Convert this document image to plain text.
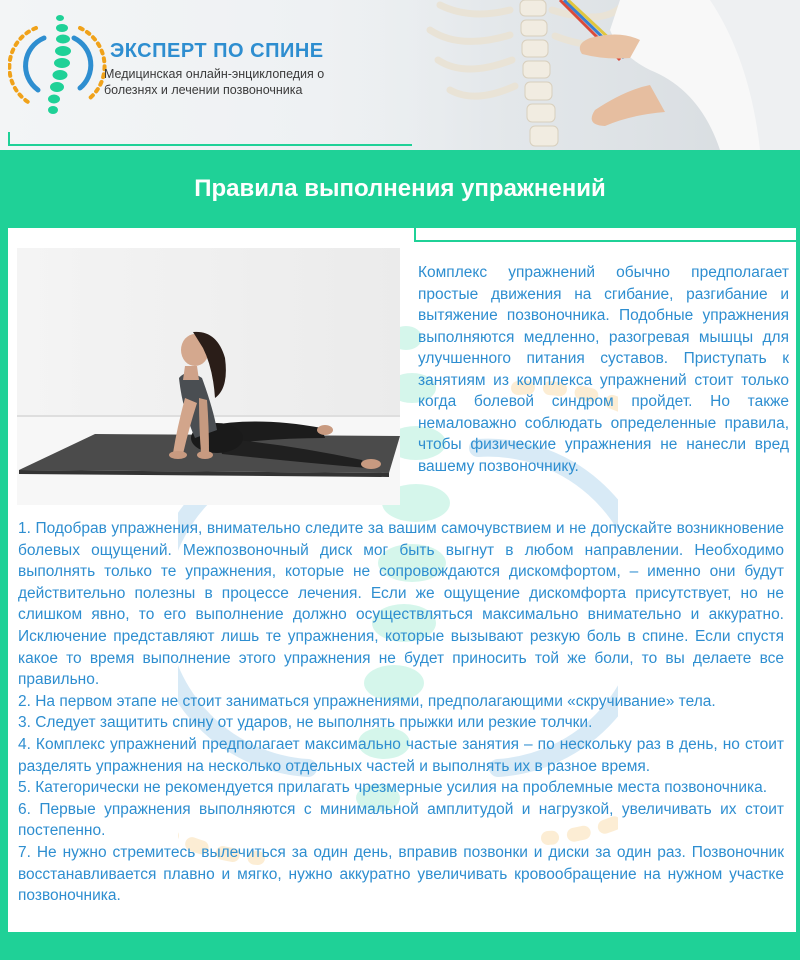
ЭКСПЕРТ ПО СПИНЕ
Медицинская онлайн-энциклопедия о болезнях и лечении позвоночника
Правила выполнения упражнений

Комплекс упражнений обычно предполагает простые движения на сгибание, разгибание и вытяжение позвоночника. Подобные упражнения выполняются медленно, разогревая мышцы для улучшенного питания суставов. Приступать к занятиям из комплекса упражнений стоит только когда болевой синдром пройдет. Но также немаловажно соблюдать определенные правила, чтобы физические упражнения не нанесли вред вашему позвоночнику.

1. Подобрав упражнения, внимательно следите за вашим самочувствием и не допускайте возникновение болевых ощущений. Межпозвоночный диск мог быть выгнут в любом направлении. Необходимо выполнять только те упражнения, которые не сопровождаются дискомфортом, – именно они будут действительно полезны в процессе лечения. Если же ощущение дискомфорта присутствует, но не слишком явно, то его выполнение должно осуществляться максимально внимательно и аккуратно. Исключение представляют лишь те упражнения, которые вызывают резкую боль в спине. Если спустя какое то время выполнение этого упражнения не будет приносить той же боли, то вы делаете все правильно.
2. На первом этапе не стоит заниматься упражнениями, предполагающими «скручивание» тела.
3. Следует защитить спину от ударов, не выполнять прыжки или резкие толчки.
4. Комплекс упражнений предполагает максимально частые занятия – по нескольку раз в день, но стоит разделять упражнения на несколько отдельных частей и выполнять их в разное время.
5. Категорически не рекомендуется прилагать чрезмерные усилия на проблемные места позвоночника.
6. Первые упражнения выполняются с минимальной амплитудой и нагрузкой, увеличивать их стоит постепенно.
7. Не нужно стремитесь вылечиться за один день, вправив позвонки и диски за один раз. Позвоночник восстанавливается плавно и мягко, нужно аккуратно увеличивать кровообращение на нужном участке позвоночника.
